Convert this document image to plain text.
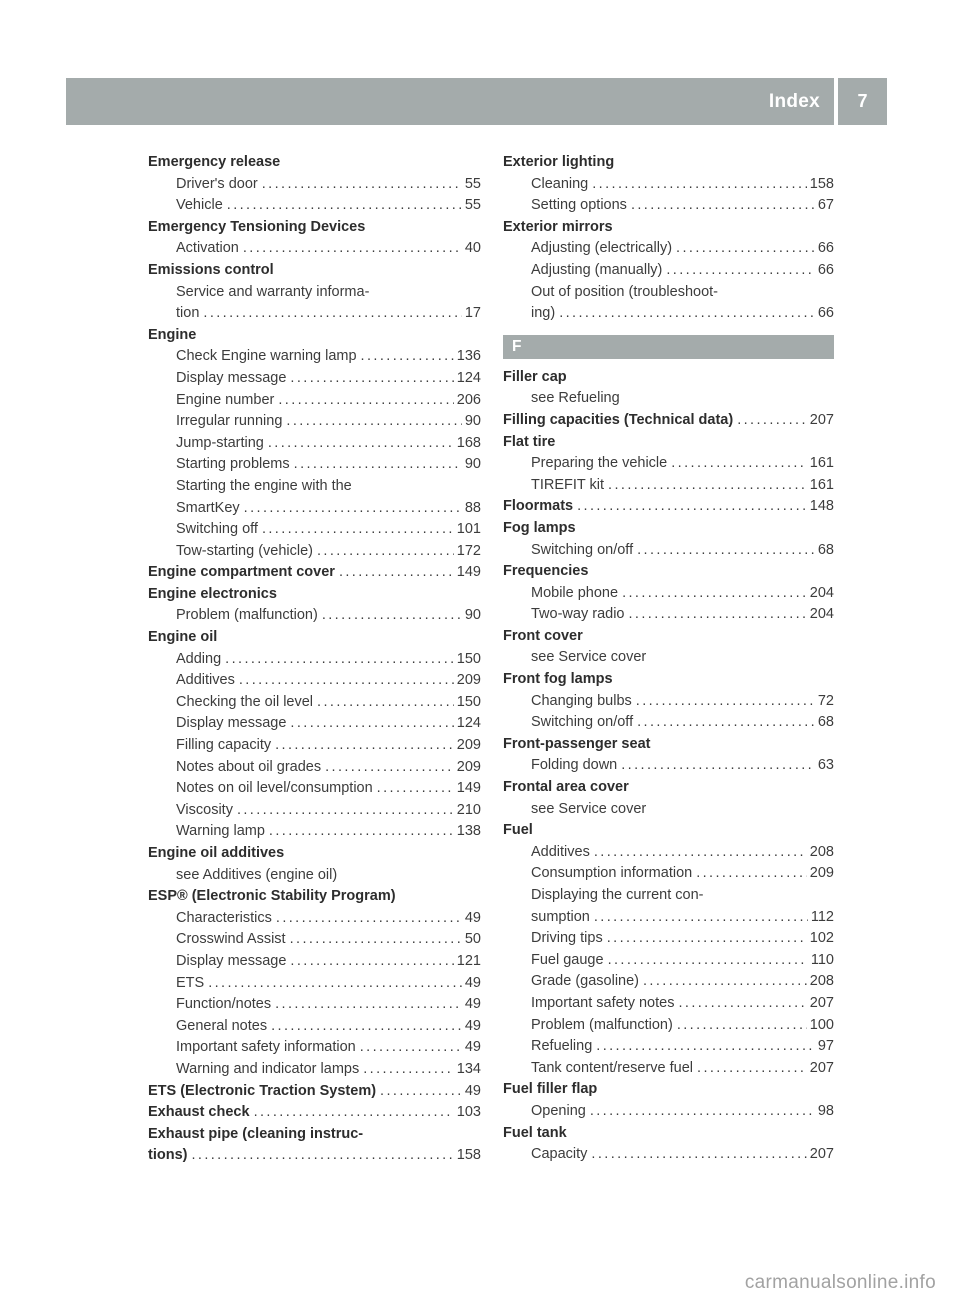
Index 7
Emergency release
Driver's door .....	55
Vehicle .....	55
Emergency Tensioning Devices
Activation .....	40
Emissions control
Service and warranty informa-
tion .....	17
Engine
Check Engine warning lamp .....	136
Display message .....	124
Engine number .....	206
Irregular running .....	90
Jump-starting .....	168
Starting problems .....	90
Starting the engine with the
SmartKey .....	88
Switching off .....	101
Tow-starting (vehicle) .....	172
Engine compartment cover .....	149
Engine electronics
Problem (malfunction) .....	90
Engine oil
Adding .....	150
Additives .....	209
Checking the oil level .....	150
Display message .....	124
Filling capacity .....	209
Notes about oil grades .....	209
Notes on oil level/consumption .....	149
Viscosity .....	210
Warning lamp .....	138
Engine oil additives
see Additives (engine oil)
ESP® (Electronic Stability Program)
Characteristics .....	49
Crosswind Assist .....	50
Display message .....	121
ETS .....	49
Function/notes .....	49
General notes .....	49
Important safety information .....	49
Warning and indicator lamps .....	134
ETS (Electronic Traction System) .....	49
Exhaust check .....	103
Exhaust pipe (cleaning instruc-
tions) .....	158
Exterior lighting
Cleaning .....	158
Setting options .....	67
Exterior mirrors
Adjusting (electrically) .....	66
Adjusting (manually) .....	66
Out of position (troubleshoot-
ing) .....	66
F
Filler cap
see Refueling
Filling capacities (Technical data) .....	207
Flat tire
Preparing the vehicle .....	161
TIREFIT kit .....	161
Floormats .....	148
Fog lamps
Switching on/off .....	68
Frequencies
Mobile phone .....	204
Two-way radio .....	204
Front cover
see Service cover
Front fog lamps
Changing bulbs .....	72
Switching on/off .....	68
Front-passenger seat
Folding down .....	63
Frontal area cover
see Service cover
Fuel
Additives .....	208
Consumption information .....	209
Displaying the current con-
sumption .....	112
Driving tips .....	102
Fuel gauge .....	110
Grade (gasoline) .....	208
Important safety notes .....	207
Problem (malfunction) .....	100
Refueling .....	97
Tank content/reserve fuel .....	207
Fuel filler flap
Opening .....	98
Fuel tank
Capacity .....	207
carmanualsonline.info
